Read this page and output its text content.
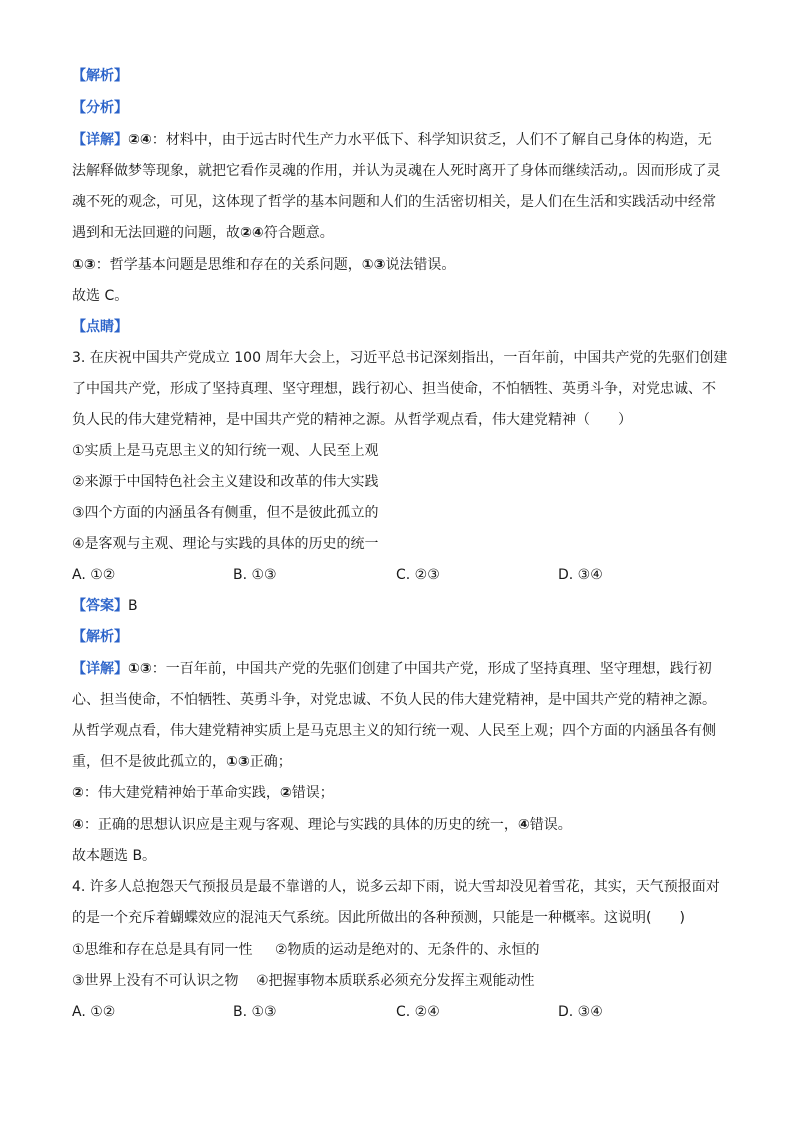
【解析】
【分析】
【详解】②④：材料中，由于远古时代生产力水平低下、科学知识贫乏，人们不了解自己身体的构造，无
法解释做梦等现象，就把它看作灵魂的作用，并认为灵魂在人死时离开了身体而继续活动,。因而形成了灵
魂不死的观念，可见，这体现了哲学的基本问题和人们的生活密切相关，是人们在生活和实践活动中经常
遇到和无法回避的问题，故②④符合题意。
①③：哲学基本问题是思维和存在的关系问题，①③说法错误。
故选 C。
【点睛】
3. 在庆祝中国共产党成立 100 周年大会上，习近平总书记深刻指出，一百年前，中国共产党的先驱们创建
了中国共产党，形成了坚持真理、坚守理想，践行初心、担当使命，不怕牺牲、英勇斗争，对党忠诚、不
负人民的伟大建党精神，是中国共产党的精神之源。从哲学观点看，伟大建党精神（　　）
①实质上是马克思主义的知行统一观、人民至上观
②来源于中国特色社会主义建设和改革的伟大实践
③四个方面的内涵虽各有侧重，但不是彼此孤立的
④是客观与主观、理论与实践的具体的历史的统一
A. ①②	B. ①③	C. ②③	D. ③④
【答案】B
【解析】
【详解】①③：一百年前，中国共产党的先驱们创建了中国共产党，形成了坚持真理、坚守理想，践行初
心、担当使命，不怕牺牲、英勇斗争，对党忠诚、不负人民的伟大建党精神，是中国共产党的精神之源。
从哲学观点看，伟大建党精神实质上是马克思主义的知行统一观、人民至上观；四个方面的内涵虽各有侧
重，但不是彼此孤立的，①③正确；
②：伟大建党精神始于革命实践，②错误；
④：正确的思想认识应是主观与客观、理论与实践的具体的历史的统一，④错误。
故本题选 B。
4. 许多人总抱怨天气预报员是最不靠谱的人，说多云却下雨，说大雪却没见着雪花，其实，天气预报面对
的是一个充斥着蝴蝶效应的混沌天气系统。因此所做出的各种预测，只能是一种概率。这说明(　　)
①思维和存在总是具有同一性 ②物质的运动是绝对的、无条件的、永恒的
③世界上没有不可认识之物 ④把握事物本质联系必须充分发挥主观能动性
A. ①②	B. ①③	C. ②④	D. ③④
